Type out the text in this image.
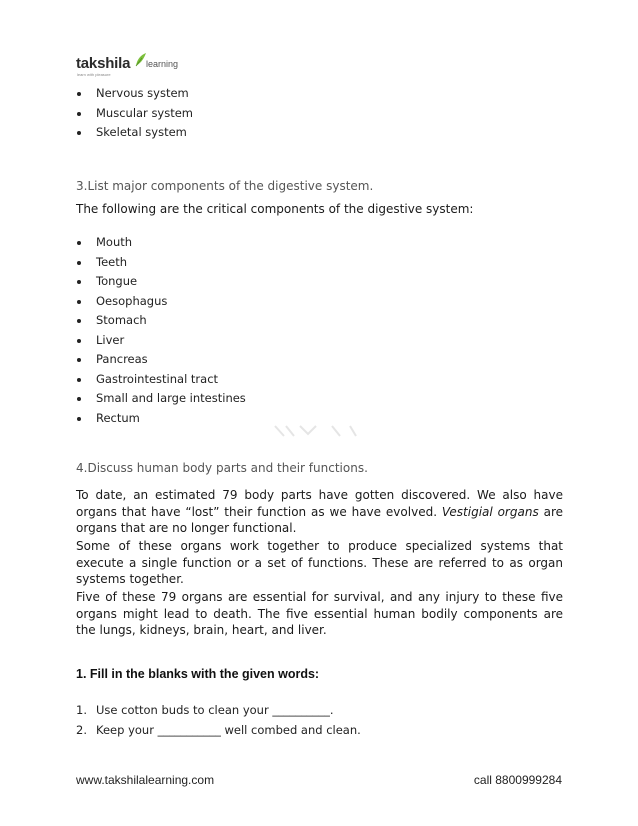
takshila learning
learn with pleasure
Nervous system
Muscular system
Skeletal system
3.List major components of the digestive system.
The following are the critical components of the digestive system:
Mouth
Teeth
Tongue
Oesophagus
Stomach
Liver
Pancreas
Gastrointestinal tract
Small and large intestines
Rectum
4.Discuss human body parts and their functions.
To date, an estimated 79 body parts have gotten discovered. We also have organs that have “lost” their function as we have evolved. Vestigial organs are organs that are no longer functional.
Some of these organs work together to produce specialized systems that execute a single function or a set of functions. These are referred to as organ systems together.
Five of these 79 organs are essential for survival, and any injury to these five organs might lead to death. The five essential human bodily components are the lungs, kidneys, brain, heart, and liver.
1. Fill in the blanks with the given words:
1. Use cotton buds to clean your __________.
2. Keep your ___________ well combed and clean.
www.takshilalearning.com	call 8800999284
